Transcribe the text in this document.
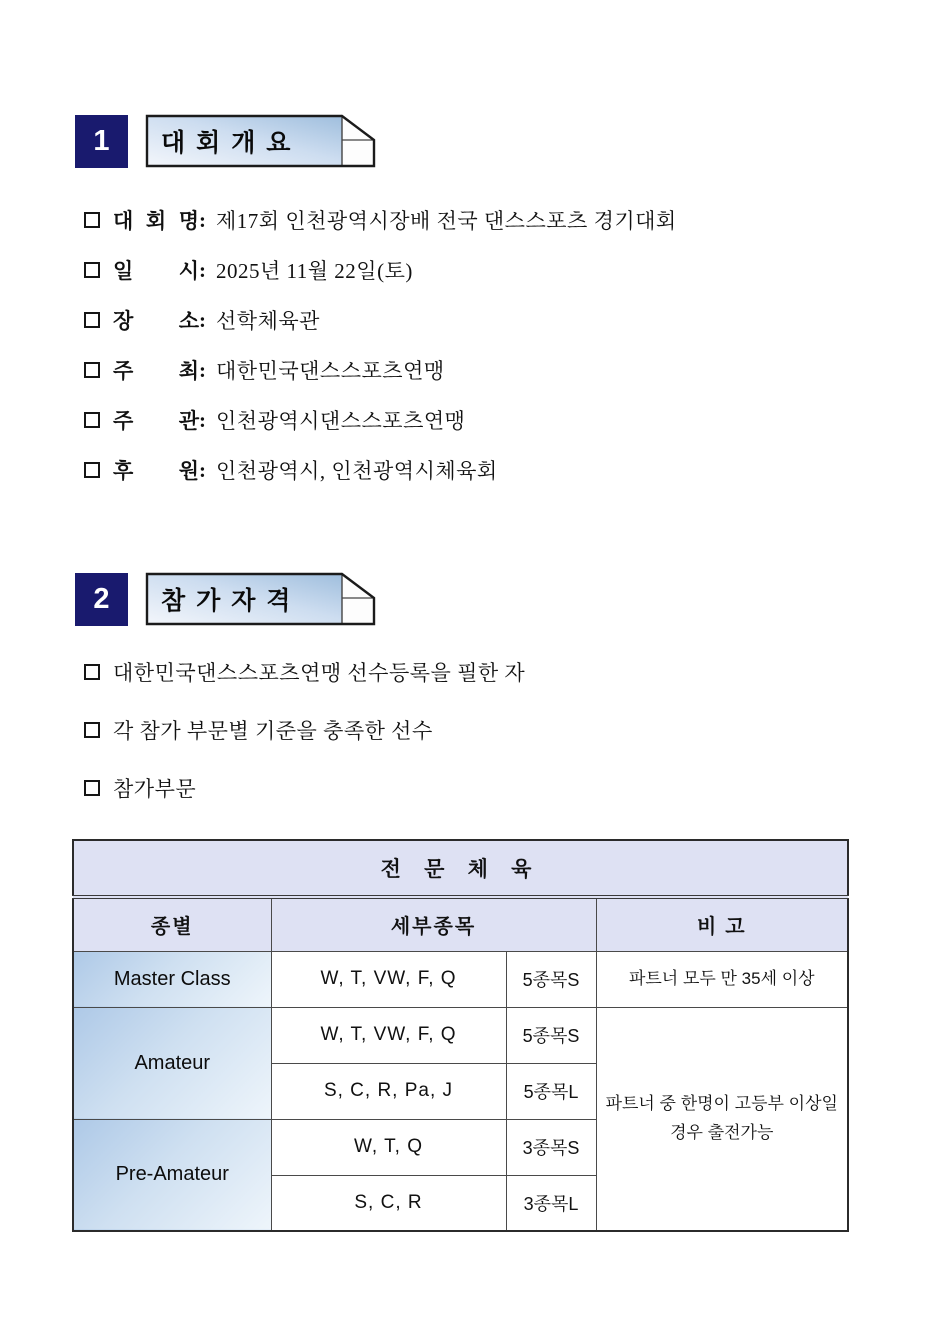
1	대 회 개 요
대 회 명 : 제17회 인천광역시장배 전국 댄스스포츠 경기대회
일 시 : 2025년 11월 22일(토)
장 소 : 선학체육관
주 최 : 대한민국댄스스포츠연맹
주 관 : 인천광역시댄스스포츠연맹
후 원 : 인천광역시, 인천광역시체육회
2	참 가 자 격
대한민국댄스스포츠연맹 선수등록을 필한 자
각 참가 부문별 기준을 충족한 선수
참가부문
전 문 체 육			
종별	세부종목		비 고
Master Class	W, T, VW, F, Q	5종목S	파트너 모두 만 35세 이상
Amateur	W, T, VW, F, Q	5종목S	파트너 중 한명이 고등부 이상일 경우 출전가능
	S, C, R, Pa, J	5종목L	
Pre-Amateur	W, T, Q	3종목S	
	S, C, R	3종목L	
